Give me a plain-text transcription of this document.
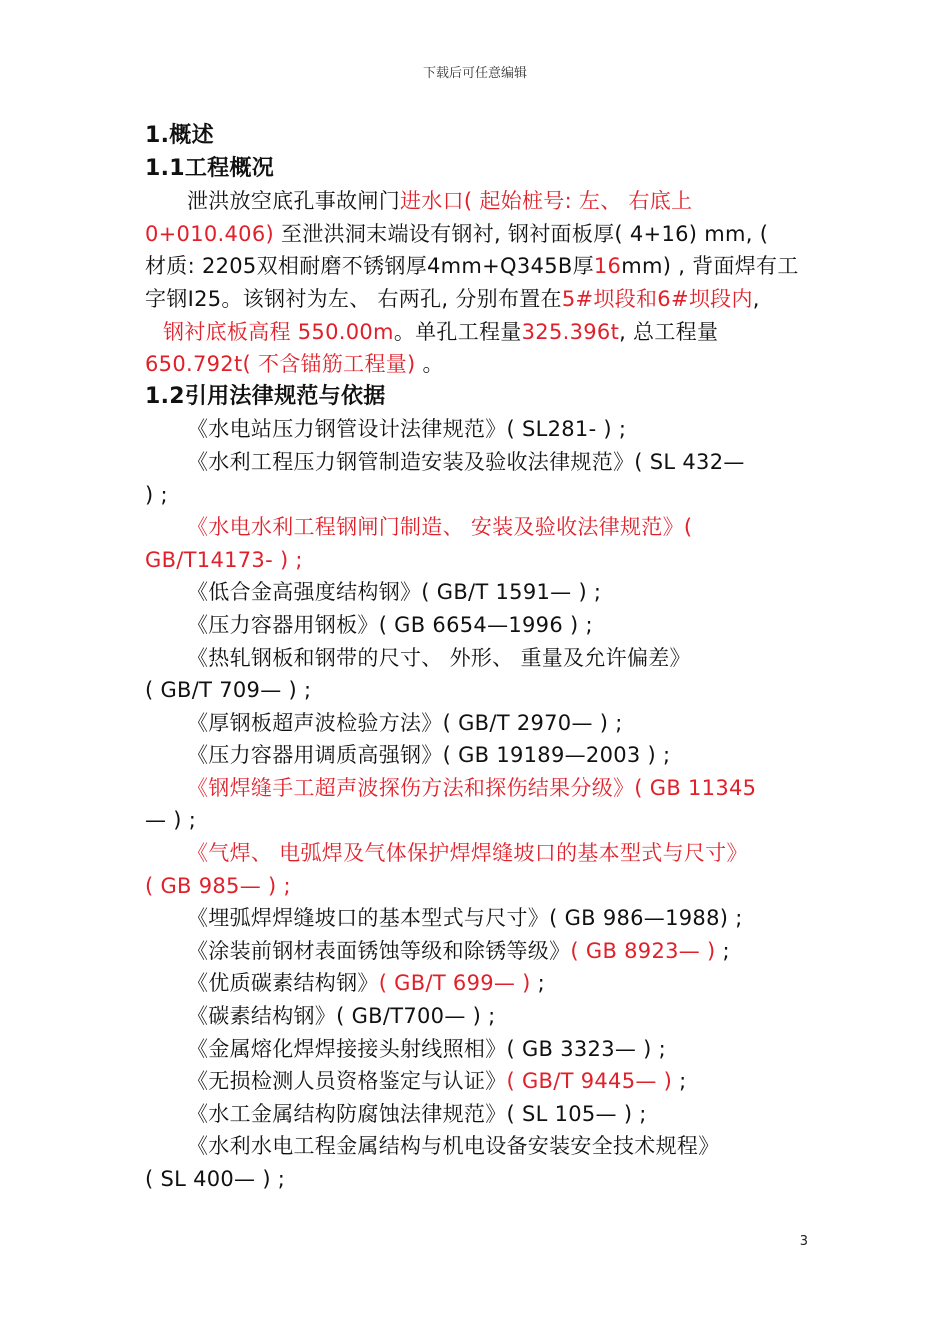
下载后可任意编辑
1.概述
1.1工程概况
泄洪放空底孔事故闸门进水口( 起始桩号: 左、 右底上
0+010.406) 至泄洪洞末端设有钢衬, 钢衬面板厚( 4+16) mm, (
材质: 2205双相耐磨不锈钢厚4mm+Q345B厚16mm) , 背面焊有工
字钢I25。该钢衬为左、 右两孔, 分别布置在5#坝段和6#坝段内,
钢衬底板高程 550.00m。单孔工程量325.396t, 总工程量
650.792t( 不含锚筋工程量) 。
1.2引用法律规范与依据
《水电站压力钢管设计法律规范》( SL281- ) ;
《水利工程压力钢管制造安装及验收法律规范》( SL 432—
) ;
《水电水利工程钢闸门制造、 安装及验收法律规范》(
GB/T14173- ) ;
《低合金高强度结构钢》( GB/T 1591— ) ;
《压力容器用钢板》( GB 6654—1996 ) ;
《热轧钢板和钢带的尺寸、 外形、 重量及允许偏差》
( GB/T 709— ) ;
《厚钢板超声波检验方法》( GB/T 2970— ) ;
《压力容器用调质高强钢》( GB 19189—2003 ) ;
《钢焊缝手工超声波探伤方法和探伤结果分级》( GB 11345
— ) ;
《气焊、 电弧焊及气体保护焊焊缝坡口的基本型式与尺寸》
( GB 985— ) ;
《埋弧焊焊缝坡口的基本型式与尺寸》( GB 986—1988) ;
《涂装前钢材表面锈蚀等级和除锈等级》( GB 8923— ) ;
《优质碳素结构钢》( GB/T 699— ) ;
《碳素结构钢》( GB/T700— ) ;
《金属熔化焊焊接接头射线照相》( GB 3323— ) ;
《无损检测人员资格鉴定与认证》( GB/T 9445— ) ;
《水工金属结构防腐蚀法律规范》( SL 105— ) ;
《水利水电工程金属结构与机电设备安装安全技术规程》
( SL 400— ) ;
3
